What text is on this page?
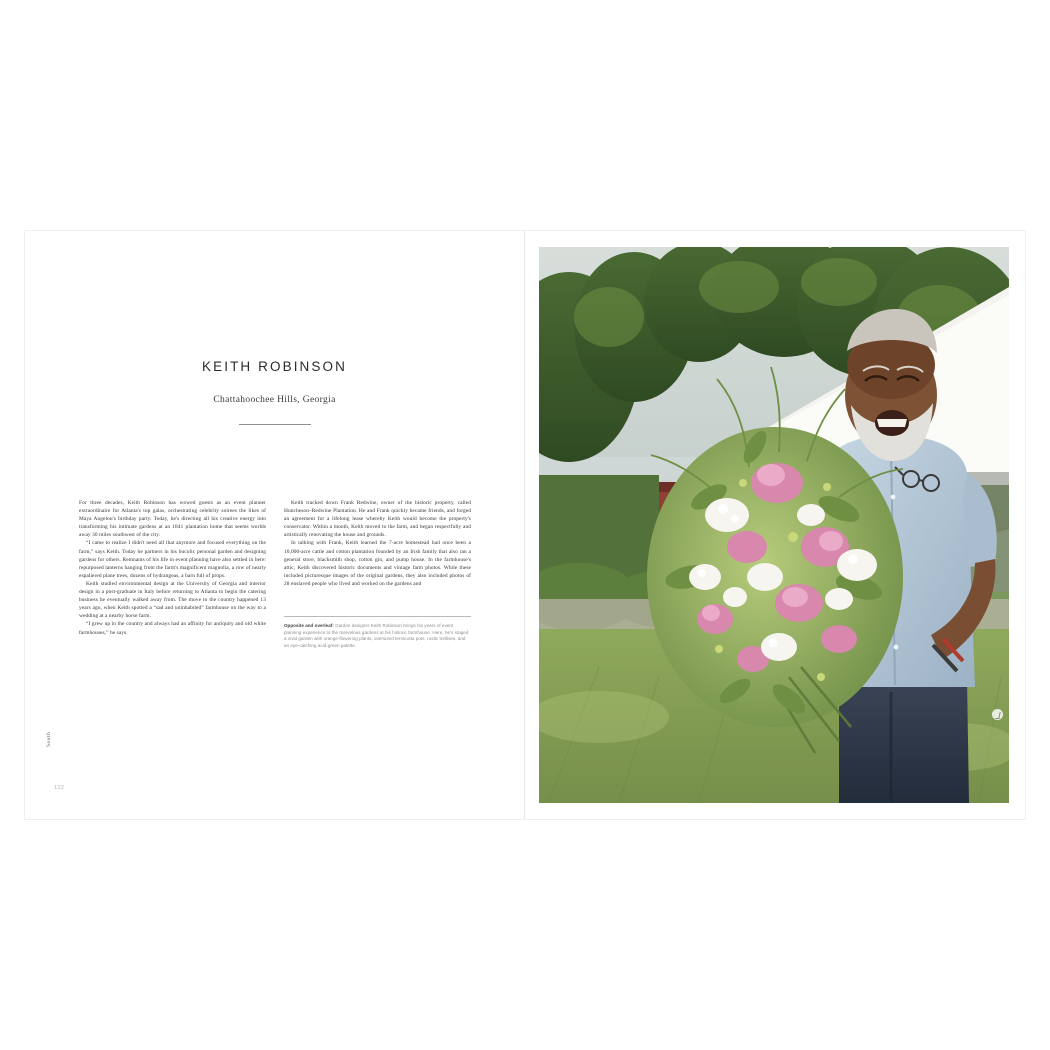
KEITH ROBINSON
Chattahoochee Hills, Georgia

For three decades, Keith Robinson has wowed guests as an event planner extraordinaire for Atlanta's top galas, orchestrating celebrity soirees the likes of Maya Angelou's birthday party. Today, he's directing all his creative energy into transforming his intimate gardens at an 1841 plantation home that seems worlds away 30 miles southwest of the city.

“I came to realize I didn't need all that anymore and focused everything on the farm,” says Keith. Today he partners in his bucolic personal garden and designing gardens for others. Remnants of his life in event planning have also settled in here: repurposed lanterns hanging from the farm's magnificent magnolia, a row of nearly espaliered plane trees, dozens of hydrangeas, a barn full of props.

Keith studied environmental design at the University of Georgia and interior design in a post-graduate in Italy before returning to Atlanta to begin the catering business he eventually walked away from. The move to the country happened 13 years ago, when Keith spotted a “sad and uninhabited” farmhouse on the way to a wedding at a nearby horse farm.

“I grew up in the country and always had an affinity for antiquity and old white farmhouses,” he says.

Keith tracked down Frank Redwine, owner of the historic property, called Huncheson–Redwine Plantation. He and Frank quickly became friends, and forged an agreement for a lifelong lease whereby Keith would become the property's conservator. Within a month, Keith moved to the farm, and began respectfully and artistically renovating the house and grounds.

In talking with Frank, Keith learned the 7-acre homestead had once been a 10,000-acre cattle and cotton plantation founded by an Irish family that also ran a general store, blacksmith shop, cotton gin, and pump house. In the farmhouse's attic, Keith discovered historic documents and vintage farm photos. While these included picturesque images of the original gardens, they also included photos of 28 enslaved people who lived and worked on the gardens and

Opposite and overleaf: Garden designer Keith Robinson brings his years of event planning experience to the marvelous gardens at his historic farmhouse. Here, he's staged a vivid garden with orange-flowering plants, oversized terracotta pots, rustic trellises, and an eye-catching acid-green palette.
South
122
